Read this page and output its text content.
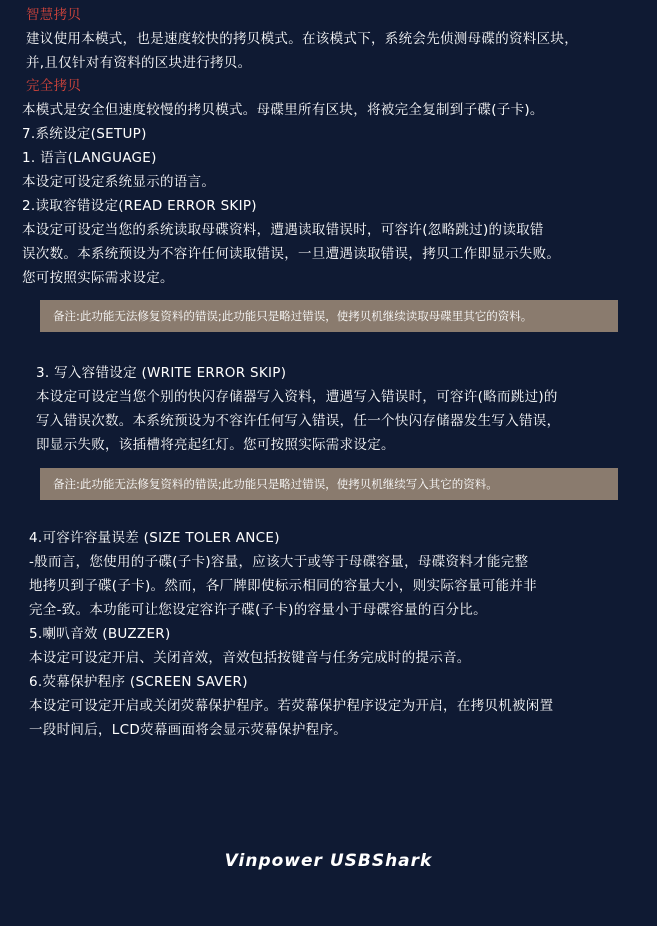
智慧拷贝
建议使用本模式，也是速度较快的拷贝模式。在该模式下，系统会先侦测母碟的资料区块，
并,且仅针对有资料的区块进行拷贝。
完全拷贝
本模式是安全但速度较慢的拷贝模式。母碟里所有区块，将被完全复制到子碟(子卡)。
7.系统设定(SETUP)
1. 语言(LANGUAGE)
本设定可设定系统显示的语言。
2.读取容错设定(READ ERROR SKIP)
本设定可设定当您的系统读取母碟资料，遭遇读取错误时，可容许(忽略跳过)的读取错
误次数。本系统预设为不容许任何读取错误，一旦遭遇读取错误，拷贝工作即显示失败。
您可按照实际需求设定。
备注:此功能无法修复资料的错误;此功能只是略过错误，使拷贝机继续读取母碟里其它的资料。
3. 写入容错设定 (WRITE ERROR SKIP)
本设定可设定当您个别的快闪存储器写入资料，遭遇写入错误时，可容许(略而跳过)的
写入错误次数。本系统预设为不容许任何写入错误，任一个快闪存储器发生写入错误，
即显示失败，该插槽将亮起红灯。您可按照实际需求设定。
备注:此功能无法修复资料的错误;此功能只是略过错误，使拷贝机继续写入其它的资料。
4.可容许容量误差 (SIZE TOLER ANCE)
-般而言，您使用的子碟(子卡)容量，应该大于或等于母碟容量，母碟资料才能完整
地拷贝到子碟(子卡)。然而，各厂牌即使标示相同的容量大小，则实际容量可能并非
完全-致。本功能可让您设定容许子碟(子卡)的容量小于母碟容量的百分比。
5.喇叭音效 (BUZZER)
本设定可设定开启、关闭音效，音效包括按键音与任务完成时的提示音。
6.荧幕保护程序 (SCREEN SAVER)
本设定可设定开启或关闭荧幕保护程序。若荧幕保护程序设定为开启，在拷贝机被闲置
一段时间后，LCD荧幕画面将会显示荧幕保护程序。
Vinpower USBShark
